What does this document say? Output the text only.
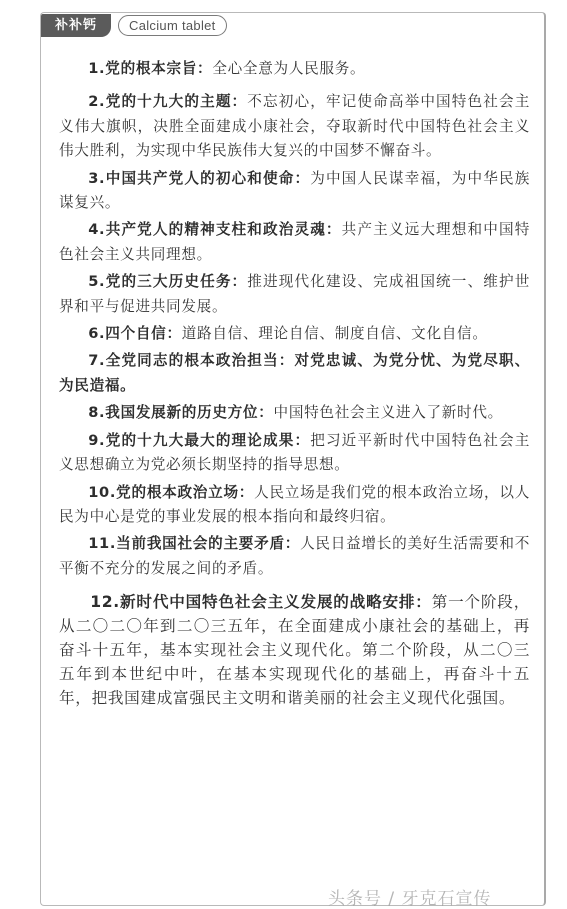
补补钙	Calcium tablet

1.党的根本宗旨：全心全意为人民服务。

2.党的十九大的主题：不忘初心，牢记使命高举中国特色社会主义伟大旗帜，决胜全面建成小康社会，夺取新时代中国特色社会主义伟大胜利，为实现中华民族伟大复兴的中国梦不懈奋斗。

3.中国共产党人的初心和使命：为中国人民谋幸福，为中华民族谋复兴。

4.共产党人的精神支柱和政治灵魂：共产主义远大理想和中国特色社会主义共同理想。

5.党的三大历史任务：推进现代化建设、完成祖国统一、维护世界和平与促进共同发展。

6.四个自信：道路自信、理论自信、制度自信、文化自信。

7.全党同志的根本政治担当：对党忠诚、为党分忧、为党尽职、为民造福。

8.我国发展新的历史方位：中国特色社会主义进入了新时代。

9.党的十九大最大的理论成果：把习近平新时代中国特色社会主义思想确立为党必须长期坚持的指导思想。

10.党的根本政治立场：人民立场是我们党的根本政治立场，以人民为中心是党的事业发展的根本指向和最终归宿。

11.当前我国社会的主要矛盾：人民日益增长的美好生活需要和不平衡不充分的发展之间的矛盾。

12.新时代中国特色社会主义发展的战略安排：第一个阶段，从二〇二〇年到二〇三五年，在全面建成小康社会的基础上，再奋斗十五年，基本实现社会主义现代化。第二个阶段，从二〇三五年到本世纪中叶，在基本实现现代化的基础上，再奋斗十五年，把我国建成富强民主文明和谐美丽的社会主义现代化强国。

头条号 / 牙克石宣传
